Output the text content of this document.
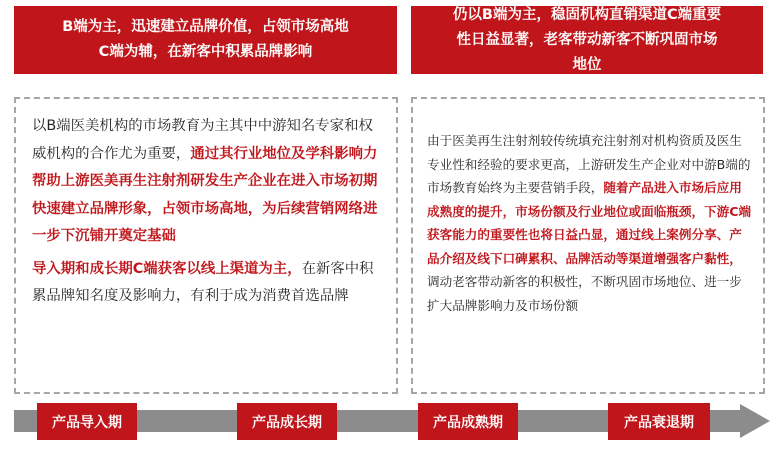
B端为主，迅速建立品牌价值，占领市场高地
C端为辅，在新客中积累品牌影响
仍以B端为主，稳固机构直销渠道C端重要
性日益显著，老客带动新客不断巩固市场
地位
以B端医美机构的市场教育为主其中中游知名专家和权威机构的合作尤为重要，通过其行业地位及学科影响力帮助上游医美再生注射剂研发生产企业在进入市场初期快速建立品牌形象，占领市场高地，为后续营销网络进一步下沉铺开奠定基础
导入期和成长期C端获客以线上渠道为主，在新客中积累品牌知名度及影响力，有利于成为消费首选品牌
由于医美再生注射剂较传统填充注射剂对机构资质及医生专业性和经验的要求更高，上游研发生产企业对中游B端的市场教育始终为主要营销手段，随着产品进入市场后应用成熟度的提升，市场份额及行业地位或面临瓶颈，下游C端获客能力的重要性也将日益凸显，通过线上案例分享、产品介绍及线下口碑累积、品牌活动等渠道增强客户黏性，调动老客带动新客的积极性，不断巩固市场地位、进一步扩大品牌影响力及市场份额
产品导入期	产品成长期	产品成熟期	产品衰退期
